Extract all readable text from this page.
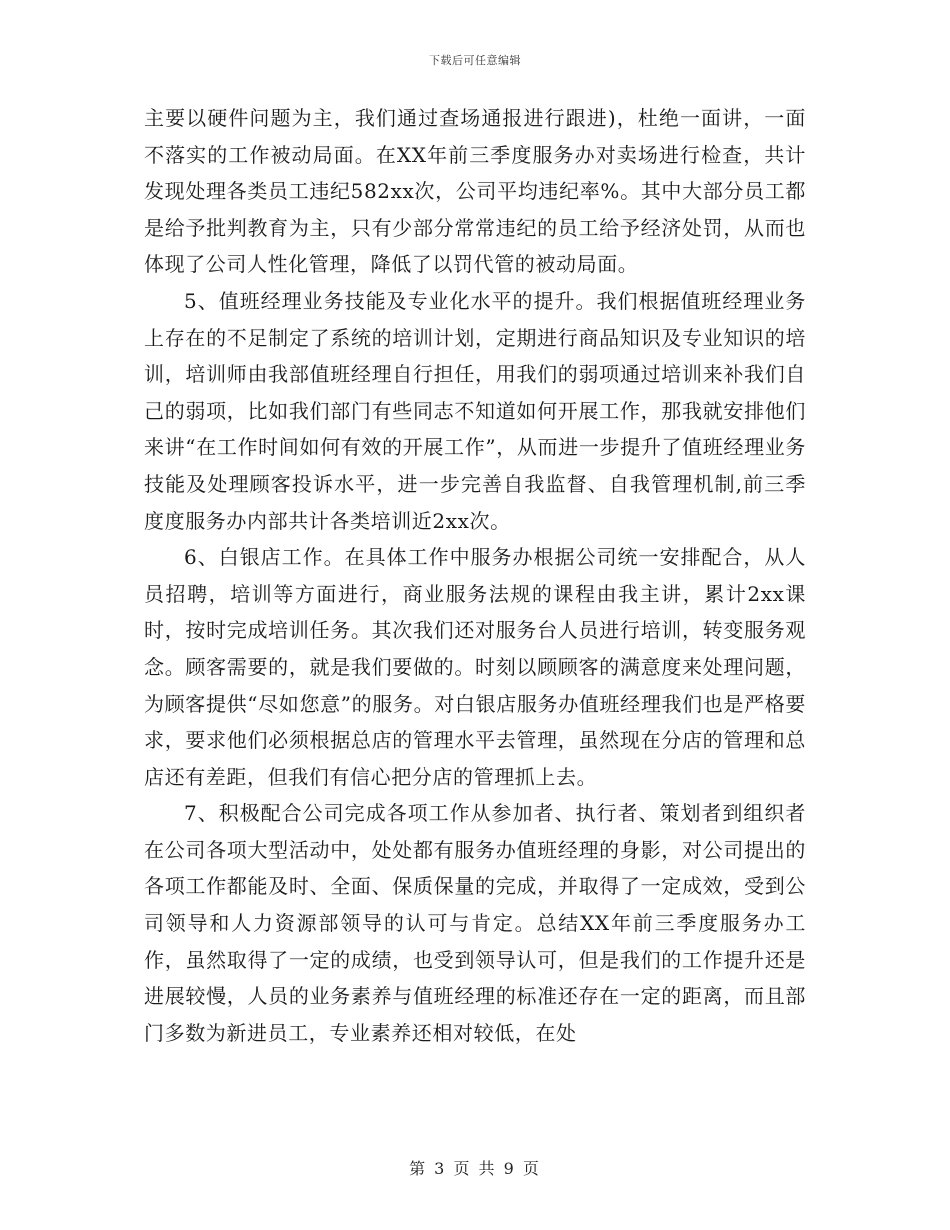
下载后可任意编辑

主要以硬件问题为主，我们通过查场通报进行跟进)，杜绝一面讲，一面不落实的工作被动局面。在XX年前三季度服务办对卖场进行检查，共计发现处理各类员工违纪582xx次，公司平均违纪率%。其中大部分员工都是给予批判教育为主，只有少部分常常违纪的员工给予经济处罚，从而也体现了公司人性化管理，降低了以罚代管的被动局面。

5、值班经理业务技能及专业化水平的提升。我们根据值班经理业务上存在的不足制定了系统的培训计划，定期进行商品知识及专业知识的培训，培训师由我部值班经理自行担任，用我们的弱项通过培训来补我们自己的弱项，比如我们部门有些同志不知道如何开展工作，那我就安排他们来讲“在工作时间如何有效的开展工作”，从而进一步提升了值班经理业务技能及处理顾客投诉水平，进一步完善自我监督、自我管理机制,前三季度度服务办内部共计各类培训近2xx次。

6、白银店工作。在具体工作中服务办根据公司统一安排配合，从人员招聘，培训等方面进行，商业服务法规的课程由我主讲，累计2xx课时，按时完成培训任务。其次我们还对服务台人员进行培训，转变服务观念。顾客需要的，就是我们要做的。时刻以顾顾客的满意度来处理问题，为顾客提供“尽如您意”的服务。对白银店服务办值班经理我们也是严格要求，要求他们必须根据总店的管理水平去管理，虽然现在分店的管理和总店还有差距，但我们有信心把分店的管理抓上去。

7、积极配合公司完成各项工作从参加者、执行者、策划者到组织者在公司各项大型活动中，处处都有服务办值班经理的身影，对公司提出的各项工作都能及时、全面、保质保量的完成，并取得了一定成效，受到公司领导和人力资源部领导的认可与肯定。总结XX年前三季度服务办工作，虽然取得了一定的成绩，也受到领导认可，但是我们的工作提升还是进展较慢，人员的业务素养与值班经理的标准还存在一定的距离，而且部门多数为新进员工，专业素养还相对较低，在处

第 3 页 共 9 页
